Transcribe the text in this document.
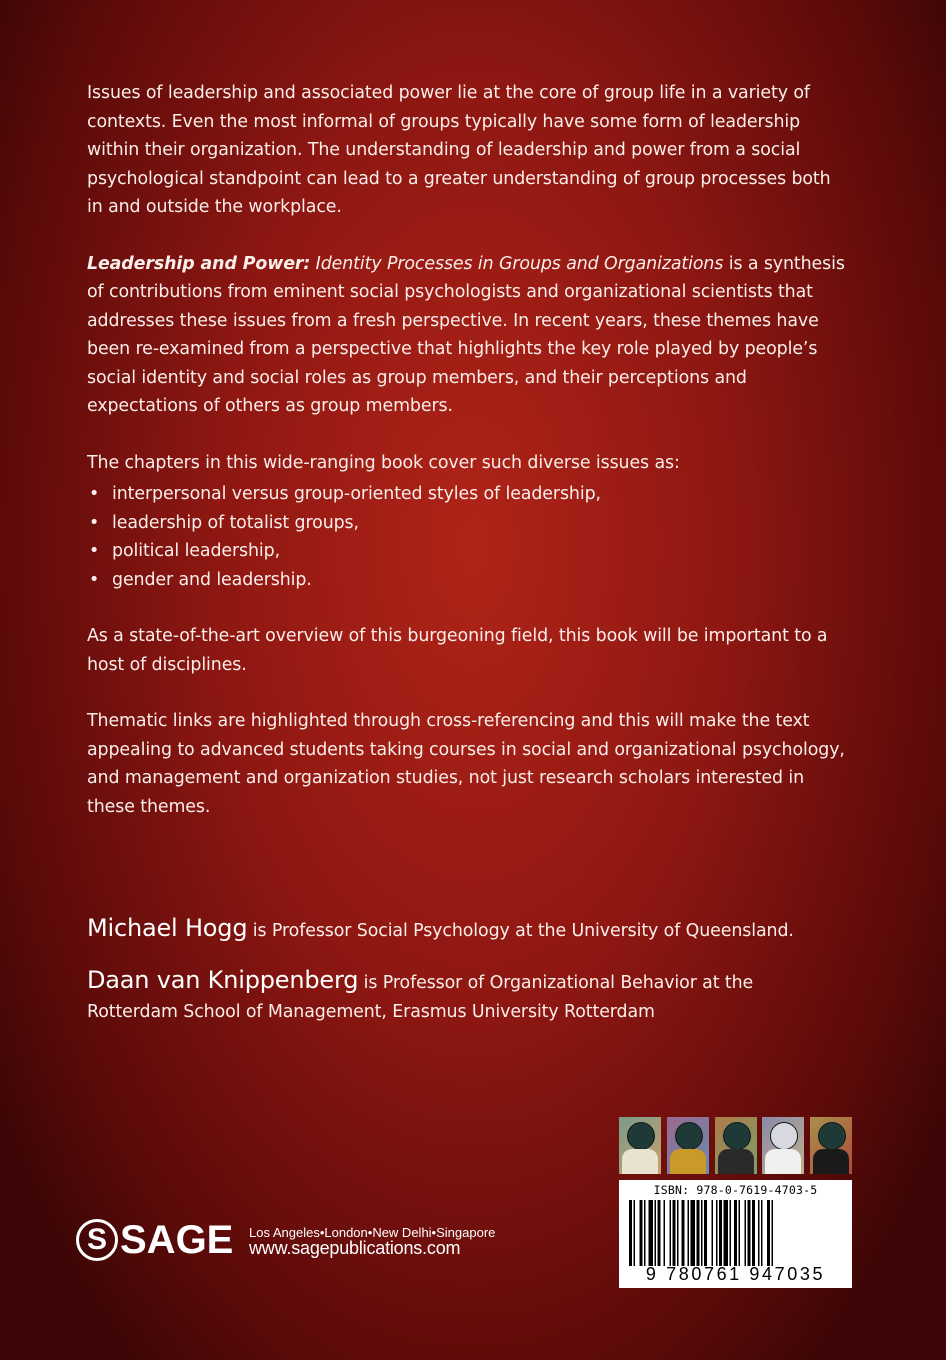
Issues of leadership and associated power lie at the core of group life in a variety of contexts. Even the most informal of groups typically have some form of leadership within their organization. The understanding of leadership and power from a social psychological standpoint can lead to a greater understanding of group processes both in and outside the workplace.

Leadership and Power: Identity Processes in Groups and Organizations is a synthesis of contributions from eminent social psychologists and organizational scientists that addresses these issues from a fresh perspective. In recent years, these themes have been re-examined from a perspective that highlights the key role played by people’s social identity and social roles as group members, and their perceptions and expectations of others as group members.

The chapters in this wide-ranging book cover such diverse issues as:

• interpersonal versus group-oriented styles of leadership,
• leadership of totalist groups,
• political leadership,
• gender and leadership.

As a state-of-the-art overview of this burgeoning field, this book will be important to a host of disciplines.

Thematic links are highlighted through cross-referencing and this will make the text appealing to advanced students taking courses in social and organizational psychology, and management and organization studies, not just research scholars interested in these themes.

Michael Hogg is Professor Social Psychology at the University of Queensland.
Daan van Knippenberg is Professor of Organizational Behavior at the Rotterdam School of Management, Erasmus University Rotterdam
S SAGE Los Angeles•London•New Delhi•Singapore
www.sagepublications.com
ISBN: 978-0-7619-4703-5
9 780761 947035
